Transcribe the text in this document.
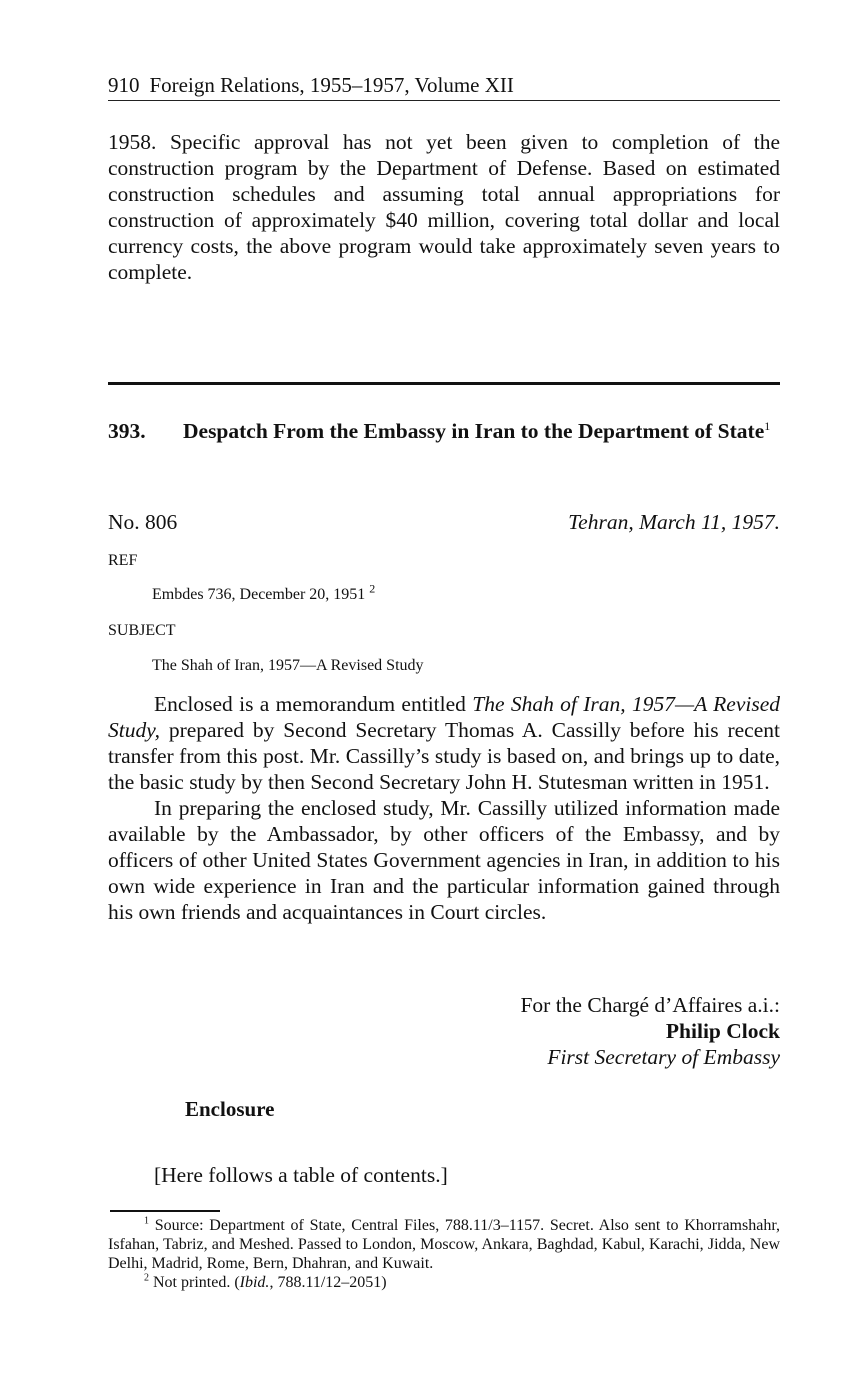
910 Foreign Relations, 1955–1957, Volume XII

1958. Specific approval has not yet been given to completion of the construction program by the Department of Defense. Based on estimated construction schedules and assuming total annual appropriations for construction of approximately $40 million, covering total dollar and local currency costs, the above program would take approximately seven years to complete.

393. Despatch From the Embassy in Iran to the Department of State$^1$
No. 806	Tehran, March 11, 1957.
REF
Embdes 736, December 20, 1951 $^2$
SUBJECT
The Shah of Iran, 1957—A Revised Study

Enclosed is a memorandum entitled The Shah of Iran, 1957—A Revised Study, prepared by Second Secretary Thomas A. Cassilly before his recent transfer from this post. Mr. Cassilly’s study is based on, and brings up to date, the basic study by then Second Secretary John H. Stutesman written in 1951.

In preparing the enclosed study, Mr. Cassilly utilized information made available by the Ambassador, by other officers of the Embassy, and by officers of other United States Government agencies in Iran, in addition to his own wide experience in Iran and the particular information gained through his own friends and acquaintances in Court circles.

For the Chargé d’Affaires a.i.:
Philip Clock
First Secretary of Embassy
Enclosure
[Here follows a table of contents.]

$^1$ Source: Department of State, Central Files, 788.11/3–1157. Secret. Also sent to Khorramshahr, Isfahan, Tabriz, and Meshed. Passed to London, Moscow, Ankara, Baghdad, Kabul, Karachi, Jidda, New Delhi, Madrid, Rome, Bern, Dhahran, and Kuwait.

$^2$ Not printed. (Ibid., 788.11/12–2051)
